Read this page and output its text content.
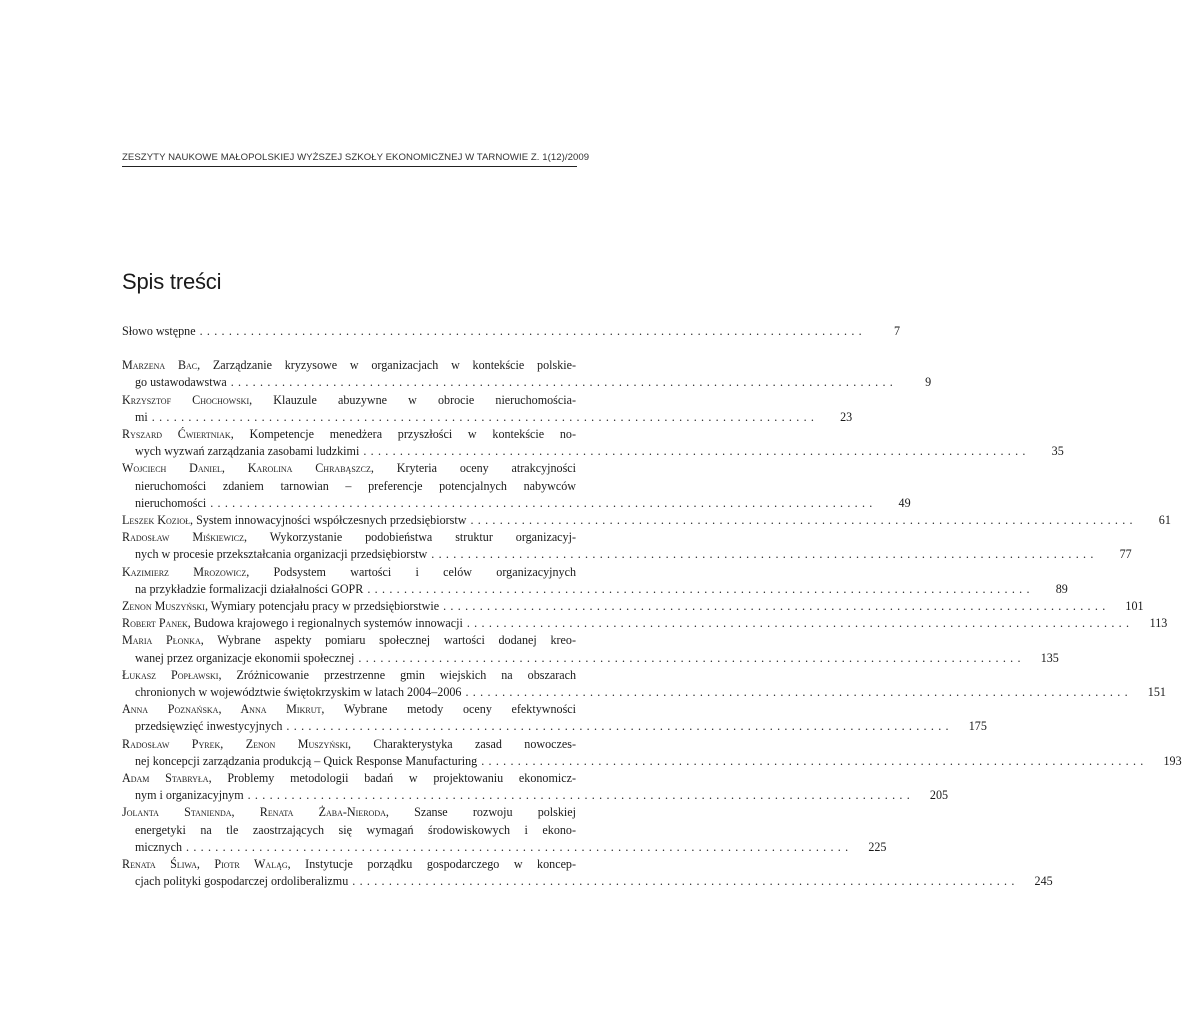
ZESZYTY NAUKOWE MAŁOPOLSKIEJ WYŻSZEJ SZKOŁY EKONOMICZNEJ W TARNOWIE Z. 1(12)/2009
Spis treści
Słowo wstępne ...........................................................................................	7
Marzena Bac, Zarządzanie kryzysowe w organizacjach w kontekście polskie-
go ustawodawstwa ...........................................................................................	9
Krzysztof Chochowski, Klauzule abuzywne w obrocie nieruchomościa-
mi ...........................................................................................	23
Ryszard Ćwiertniak, Kompetencje menedżera przyszłości w kontekście no-
wych wyzwań zarządzania zasobami ludzkimi ...........................................................................................	35
Wojciech Daniel, Karolina Chrabąszcz, Kryteria oceny atrakcyjności
nieruchomości zdaniem tarnowian – preferencje potencjalnych nabywców
nieruchomości ...........................................................................................	49
Leszek Kozioł, System innowacyjności współczesnych przedsiębiorstw ...........................................................................................	61
Radosław Miśkiewicz, Wykorzystanie podobieństwa struktur organizacyj-
nych w procesie przekształcania organizacji przedsiębiorstw ...........................................................................................	77
Kazimierz Mrozowicz, Podsystem wartości i celów organizacyjnych
na przykładzie formalizacji działalności GOPR ...........................................................................................	89
Zenon Muszyński, Wymiary potencjału pracy w przedsiębiorstwie ...........................................................................................	101
Robert Panek, Budowa krajowego i regionalnych systemów innowacji ...........................................................................................	113
Maria Płonka, Wybrane aspekty pomiaru społecznej wartości dodanej kreo-
wanej przez organizacje ekonomii społecznej ...........................................................................................	135
Łukasz Popławski, Zróżnicowanie przestrzenne gmin wiejskich na obszarach
chronionych w województwie świętokrzyskim w latach 2004–2006 ...........................................................................................	151
Anna Poznańska, Anna Mikrut, Wybrane metody oceny efektywności
przedsięwzięć inwestycyjnych ...........................................................................................	175
Radosław Pyrek, Zenon Muszyński, Charakterystyka zasad nowoczes-
nej koncepcji zarządzania produkcją – Quick Response Manufacturing ...........................................................................................	193
Adam Stabryła, Problemy metodologii badań w projektowaniu ekonomicz-
nym i organizacyjnym ...........................................................................................	205
Jolanta Stanienda, Renata Żaba-Nieroda, Szanse rozwoju polskiej
energetyki na tle zaostrzających się wymagań środowiskowych i ekono-
micznych ...........................................................................................	225
Renata Śliwa, Piotr Waląg, Instytucje porządku gospodarczego w koncep-
cjach polityki gospodarczej ordoliberalizmu ...........................................................................................	245
